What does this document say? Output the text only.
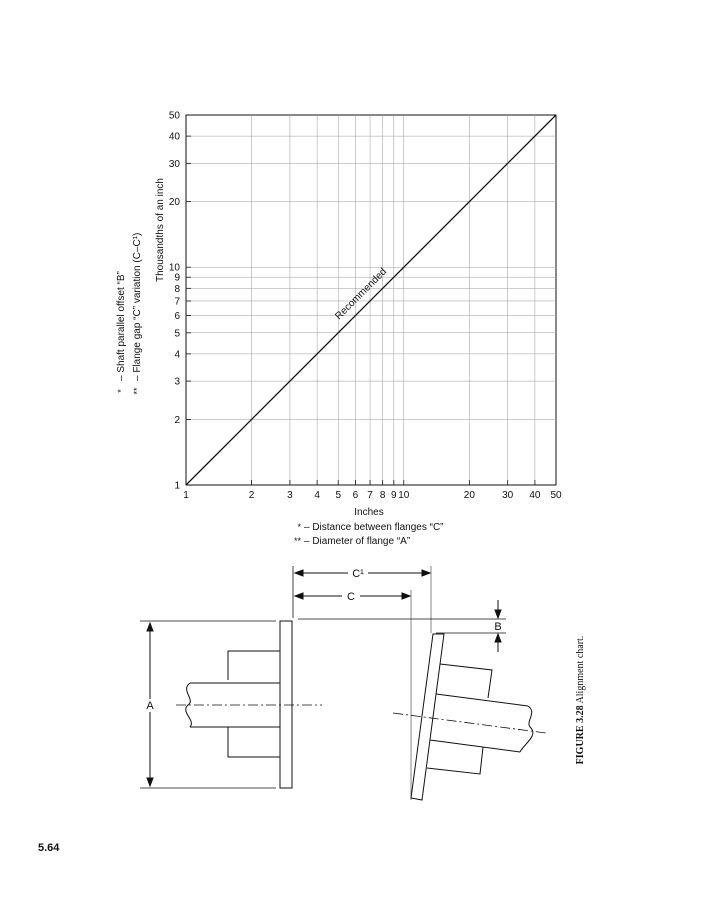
1	2	3 4 5 6 7 8 9 10	20	30 40 50
1
2
3
4
5
6
7
8
9
10
20
30
40
50
Recommended
Inches
* – Distance between flanges “C”
** – Diameter of flange “A”
Thousandths of an inch
*
– Shaft parallel offset “B”
**
– Flange gap “C” variation (C–C¹)
A
C¹
C
B
FIGURE 3.28 Alignment chart.
5.64
